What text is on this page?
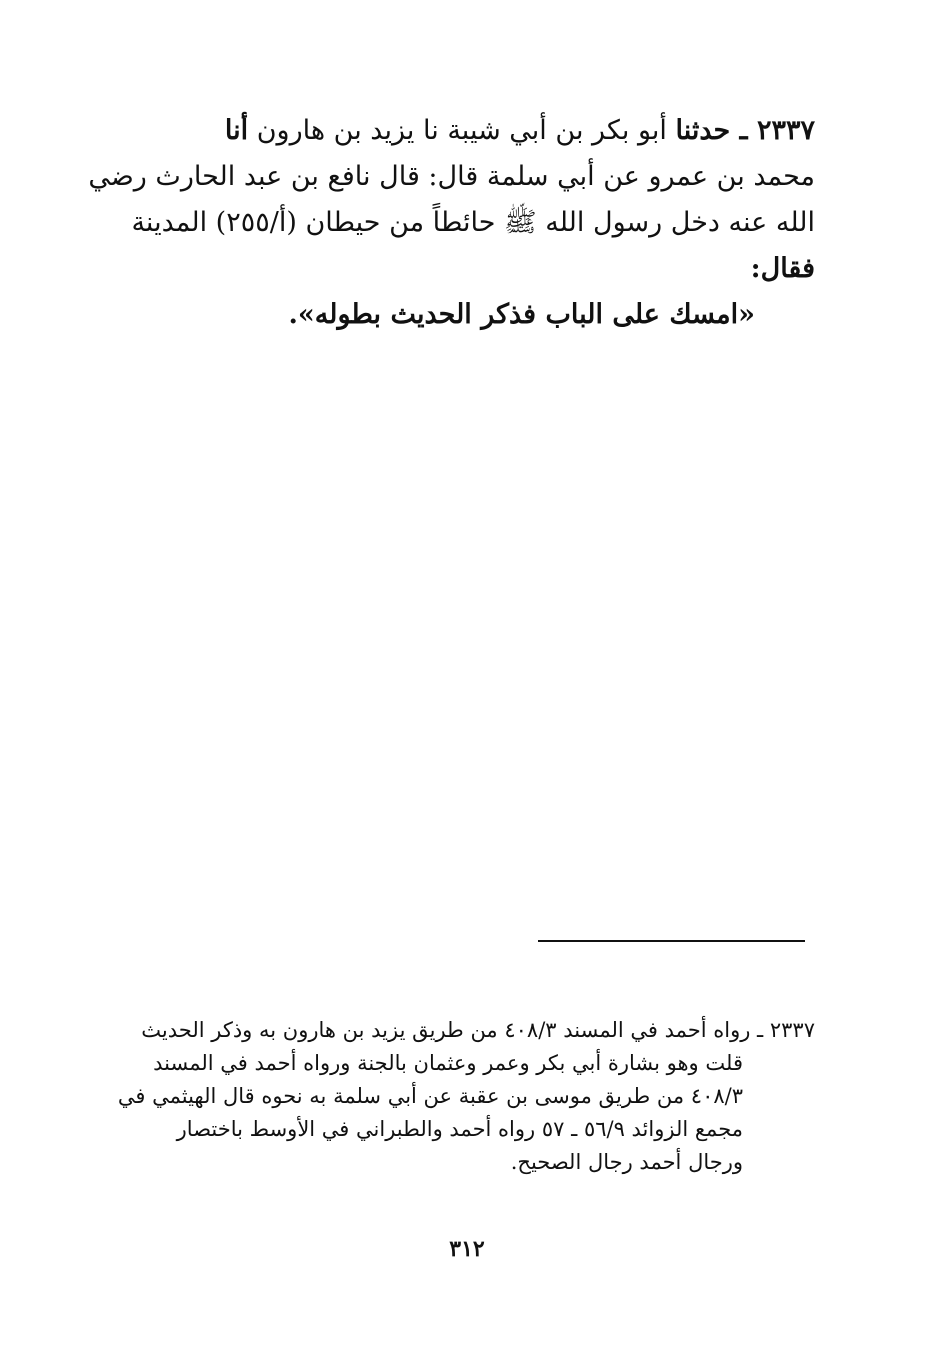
٢٣٣٧ ـ حدثنا أبو بكر بن أبي شيبة نا يزيد بن هارون أنا
محمد بن عمرو عن أبي سلمة قال: قال نافع بن عبد الحارث رضي
الله عنه دخل رسول الله ﷺ حائطاً من حيطان (أ/٢٥٥) المدينة
فقال:
«امسك على الباب فذكر الحديث بطوله».
٢٣٣٧ ـ رواه أحمد في المسند ٤٠٨/٣ من طريق يزيد بن هارون به وذكر الحديث
قلت وهو بشارة أبي بكر وعمر وعثمان بالجنة ورواه أحمد في المسند
٤٠٨/٣ من طريق موسى بن عقبة عن أبي سلمة به نحوه قال الهيثمي في
مجمع الزوائد ٥٦/٩ ـ ٥٧ رواه أحمد والطبراني في الأوسط باختصار
ورجال أحمد رجال الصحيح.
٣١٢
